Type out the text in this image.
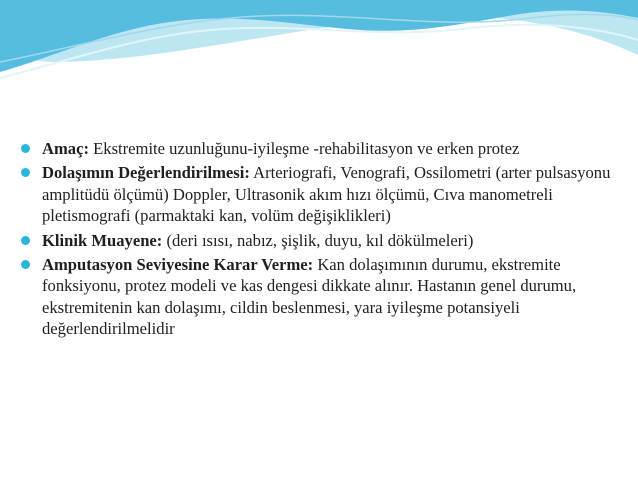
Amaç: Ekstremite uzunluğunu-iyileşme -rehabilitasyon ve erken protez
Dolaşımın Değerlendirilmesi: Arteriografi, Venografi, Ossilometri (arter pulsasyonu amplitüdü ölçümü) Doppler, Ultrasonik akım hızı ölçümü, Cıva manometreli pletismografi (parmaktaki kan, volüm değişiklikleri)
Klinik Muayene: (deri ısısı, nabız, şişlik, duyu, kıl dökülmeleri)
Amputasyon Seviyesine Karar Verme: Kan dolaşımının durumu, ekstremite fonksiyonu, protez modeli ve kas dengesi dikkate alınır. Hastanın genel durumu, ekstremitenin kan dolaşımı, cildin beslenmesi, yara iyileşme potansiyeli değerlendirilmelidir
